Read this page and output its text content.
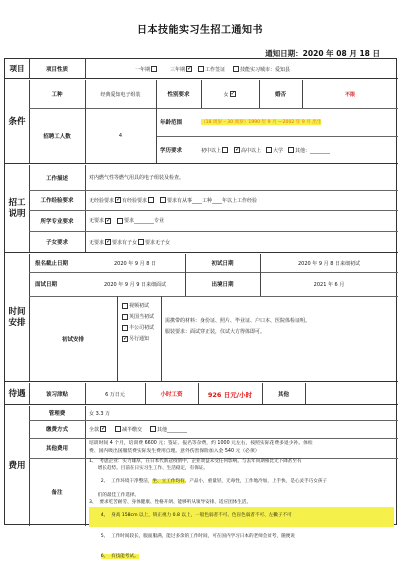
日本技能实习生招工通知书
通知日期：2020 年 08 月 18 日
项目	项目性质	一年期	三年期 ✓	工作签证	技能实习城市：爱知县
条件
工种	经典爱知电子组装	性别要求	女 ✓	婚否	不限
招聘工人数	4
年龄范围	（18 周岁 – 30 周岁）1990 年 9 月 —2002 年 9 月 出生
学历要求	初中以上 ✓	高中以上 大学 其他：________
招工
说明
工作描述	对内燃气性等燃气用具的电子组装及检查。
工作经验要求	无经验要求 ✓ 有经验要求	要求有从事____工种____年以上工作经验
所学专业要求	无要求 ✓	要求________专业
子女要求	无要求 ✓ 要求有子女 要求无子女
时间
安排
报名截止日期	2020 年 9 月 8 日	初试日期	2020 年 9 月 8 日来细初试
面试日期	2020 年 9 月 9 日来细面试	出境日期	2021 年 6 月
初试安排
视频初试
英国当初试
丰公司初试
✓另行通知
需携带的材料：身份证、照片、毕业证、户口本、医院体检证明。
服装要求：面试穿正装，仪试大方得体即可。
待遇	该习津贴	6 万日元	小时工资	926 日元/小时	其他
费用
管理费	女 3.3 万
缴费方式	全款 ✓	减半缴交	其他________
其他费用
培训时间 4 个月，培训费 6600 元；签证、报名等杂费，约 1000 元左右，按照实际花费多退少补。体检
费、国内吸出国服装费实际发生费用自理。意外伤害保险加入金 540 元（必须）
备注
1、  考虑企业：实力雄厚，在日本代新冠疫情中，企业效益未受任何影响。与去年同期相比无下降甚至有
增长趋势。目前在日实习生工作、生活稳定，有保证。

2、  工作环境干净整洁，坐、立工作均有。产品小，重量轻，无毒性，工作地冷加，上手快，是心灵手巧女孩子

们的最佳工作选择。
3、  要求吃苦耐劳、身体健康、性格开朗、能够听从领导安排、适应团体生活。

4、  身高 158cm 以上，矫正视力 0.8 以上，一般色弱者不可、色盲色弱者不可、左撇子不可

5、  工作时间较长，服面服满，能过多余的工作时间，可在国内学习日本的老师会贫考，随便说

6、  有技能考试。
